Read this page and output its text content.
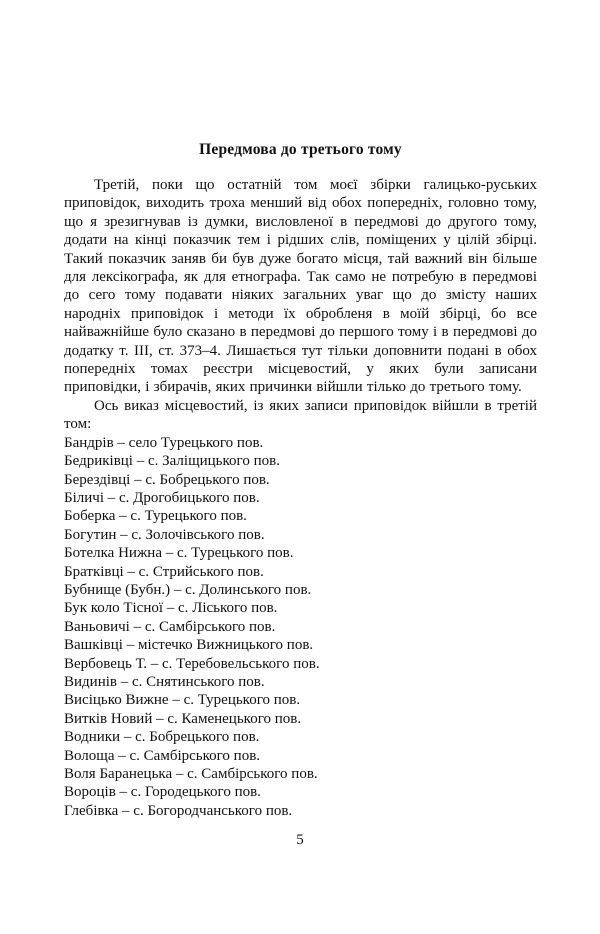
Передмова до третього тому

Третій, поки що остатній том моєї збірки галицько-руських приповідок, виходить троха менший від обох попередніх, головно тому, що я зрезигнував із думки, висловленої в передмові до другого тому, додати на кінці показчик тем і рідших слів, поміщених у цілій збірці. Такий показчик заняв би був дуже богато місця, тай важний він більше для лексікографа, як для етнографа. Так само не потребую в передмові до сего тому подавати ніяких загальних уваг що до змісту наших народніх приповідок і методи їх обробленя в моїй збірці, бо все найважнійше було сказано в передмові до першого тому і в передмові до додатку т. ІІІ, ст. 373–4. Лишається тут тільки доповнити подані в обох попередніх томах реєстри місцевостий, у яких були записани приповідки, і збирачів, яких причинки війшли тілько до третього тому.

Ось виказ місцевостий, із яких записи приповідок війшли в третій том:

Бандрів – село Турецького пов.
Бедриківці – с. Заліщицького пов.
Берездівці – с. Бобрецького пов.
Біличі – с. Дрогобицького пов.
Боберка – с. Турецького пов.
Богутин – с. Золочівського пов.
Ботелка Нижна – с. Турецького пов.
Братківці – с. Стрийського пов.
Бубнище (Бубн.) – с. Долинського пов.
Бук коло Тісної – с. Ліського пов.
Ваньовичі – с. Самбірського пов.
Вашківці – містечко Вижницького пов.
Вербовець Т. – с. Теребовельського пов.
Видинів – с. Снятинського пов.
Висіцько Вижне – с. Турецького пов.
Витків Новий – с. Каменецького пов.
Водники – с. Бобрецького пов.
Волоща – с. Самбірського пов.
Воля Баранецька – с. Самбірського пов.
Вороців – с. Городецького пов.
Глебівка – с. Богородчанського пов.
5
